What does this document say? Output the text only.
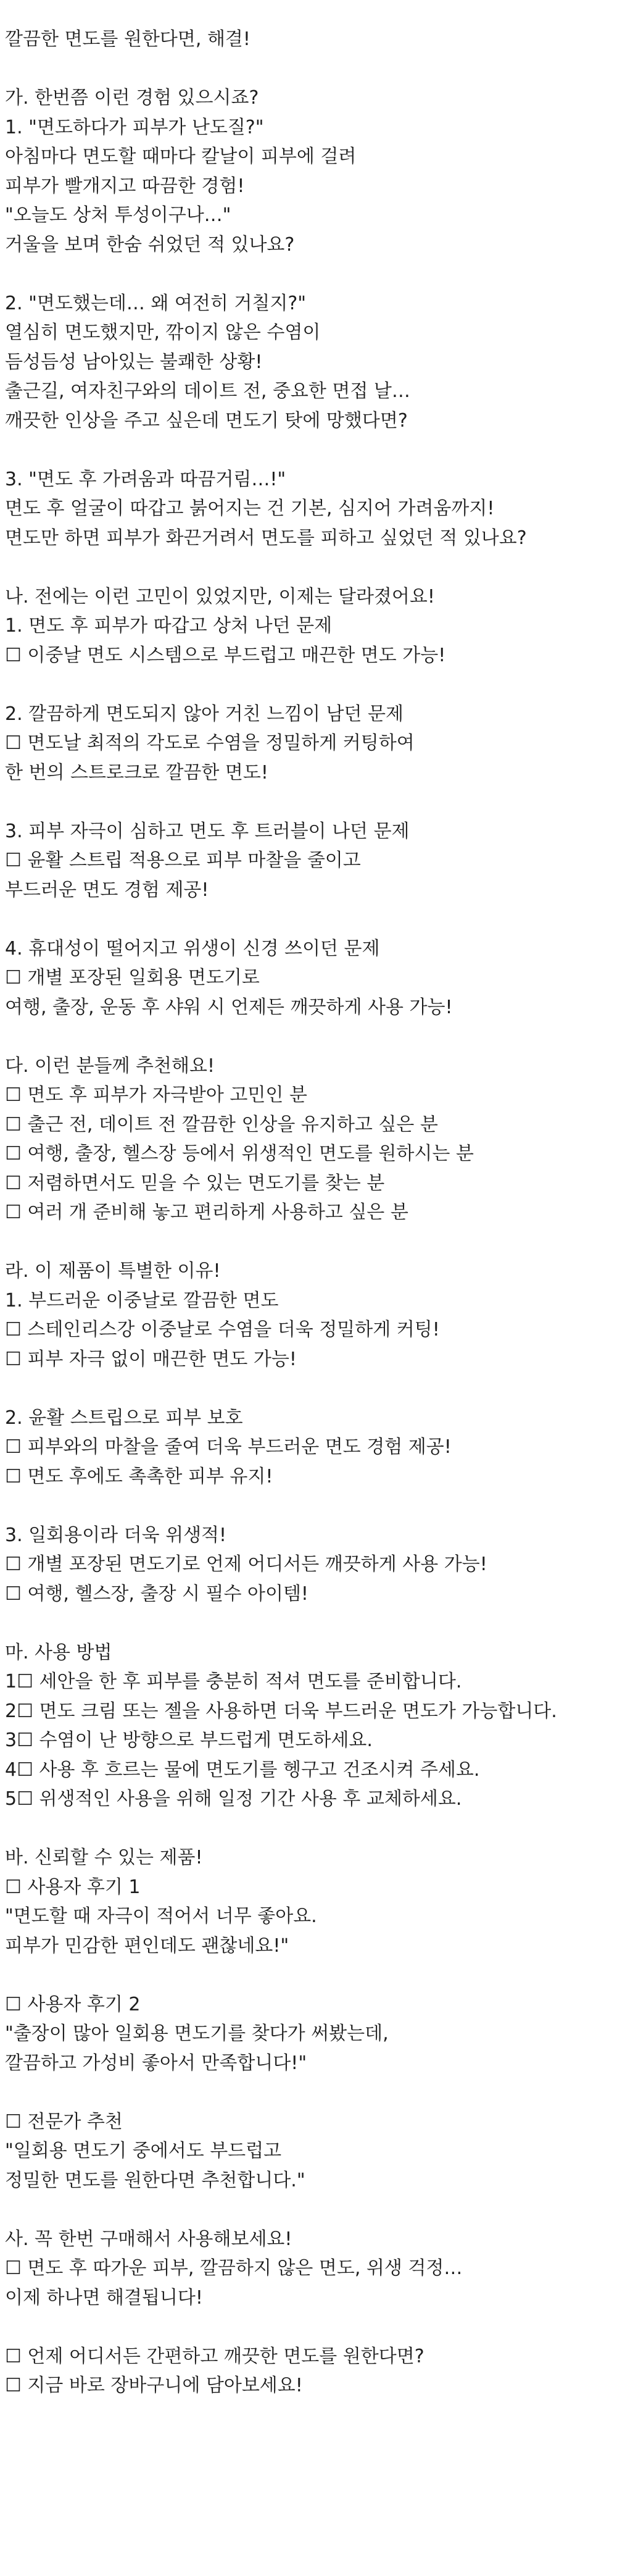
깔끔한 면도를 원한다면, 해결!
가. 한번쯤 이런 경험 있으시죠?
1. "면도하다가 피부가 난도질?"
아침마다 면도할 때마다 칼날이 피부에 걸려
피부가 빨개지고 따끔한 경험!
"오늘도 상처 투성이구나…"
거울을 보며 한숨 쉬었던 적 있나요?
2. "면도했는데… 왜 여전히 거칠지?"
열심히 면도했지만, 깎이지 않은 수염이
듬성듬성 남아있는 불쾌한 상황!
출근길, 여자친구와의 데이트 전, 중요한 면접 날…
깨끗한 인상을 주고 싶은데 면도기 탓에 망했다면?
3. "면도 후 가려움과 따끔거림…!"
면도 후 얼굴이 따갑고 붉어지는 건 기본, 심지어 가려움까지!
면도만 하면 피부가 화끈거려서 면도를 피하고 싶었던 적 있나요?
나. 전에는 이런 고민이 있었지만, 이제는 달라졌어요!
1. 면도 후 피부가 따갑고 상처 나던 문제
☐ 이중날 면도 시스템으로 부드럽고 매끈한 면도 가능!
2. 깔끔하게 면도되지 않아 거친 느낌이 남던 문제
☐ 면도날 최적의 각도로 수염을 정밀하게 커팅하여
한 번의 스트로크로 깔끔한 면도!
3. 피부 자극이 심하고 면도 후 트러블이 나던 문제
☐ 윤활 스트립 적용으로 피부 마찰을 줄이고
부드러운 면도 경험 제공!
4. 휴대성이 떨어지고 위생이 신경 쓰이던 문제
☐ 개별 포장된 일회용 면도기로
여행, 출장, 운동 후 샤워 시 언제든 깨끗하게 사용 가능!
다. 이런 분들께 추천해요!
☐ 면도 후 피부가 자극받아 고민인 분
☐ 출근 전, 데이트 전 깔끔한 인상을 유지하고 싶은 분
☐ 여행, 출장, 헬스장 등에서 위생적인 면도를 원하시는 분
☐ 저렴하면서도 믿을 수 있는 면도기를 찾는 분
☐ 여러 개 준비해 놓고 편리하게 사용하고 싶은 분
라. 이 제품이 특별한 이유!
1. 부드러운 이중날로 깔끔한 면도
☐ 스테인리스강 이중날로 수염을 더욱 정밀하게 커팅!
☐ 피부 자극 없이 매끈한 면도 가능!
2. 윤활 스트립으로 피부 보호
☐ 피부와의 마찰을 줄여 더욱 부드러운 면도 경험 제공!
☐ 면도 후에도 촉촉한 피부 유지!
3. 일회용이라 더욱 위생적!
☐ 개별 포장된 면도기로 언제 어디서든 깨끗하게 사용 가능!
☐ 여행, 헬스장, 출장 시 필수 아이템!
마. 사용 방법
1☐ 세안을 한 후 피부를 충분히 적셔 면도를 준비합니다.
2☐ 면도 크림 또는 젤을 사용하면 더욱 부드러운 면도가 가능합니다.
3☐ 수염이 난 방향으로 부드럽게 면도하세요.
4☐ 사용 후 흐르는 물에 면도기를 헹구고 건조시켜 주세요.
5☐ 위생적인 사용을 위해 일정 기간 사용 후 교체하세요.
바. 신뢰할 수 있는 제품!
☐ 사용자 후기 1
"면도할 때 자극이 적어서 너무 좋아요.
피부가 민감한 편인데도 괜찮네요!"
☐ 사용자 후기 2
"출장이 많아 일회용 면도기를 찾다가 써봤는데,
깔끔하고 가성비 좋아서 만족합니다!"
☐ 전문가 추천
"일회용 면도기 중에서도 부드럽고
정밀한 면도를 원한다면 추천합니다."
사. 꼭 한번 구매해서 사용해보세요!
☐ 면도 후 따가운 피부, 깔끔하지 않은 면도, 위생 걱정…
이제 하나면 해결됩니다!
☐ 언제 어디서든 간편하고 깨끗한 면도를 원한다면?
☐ 지금 바로 장바구니에 담아보세요!
